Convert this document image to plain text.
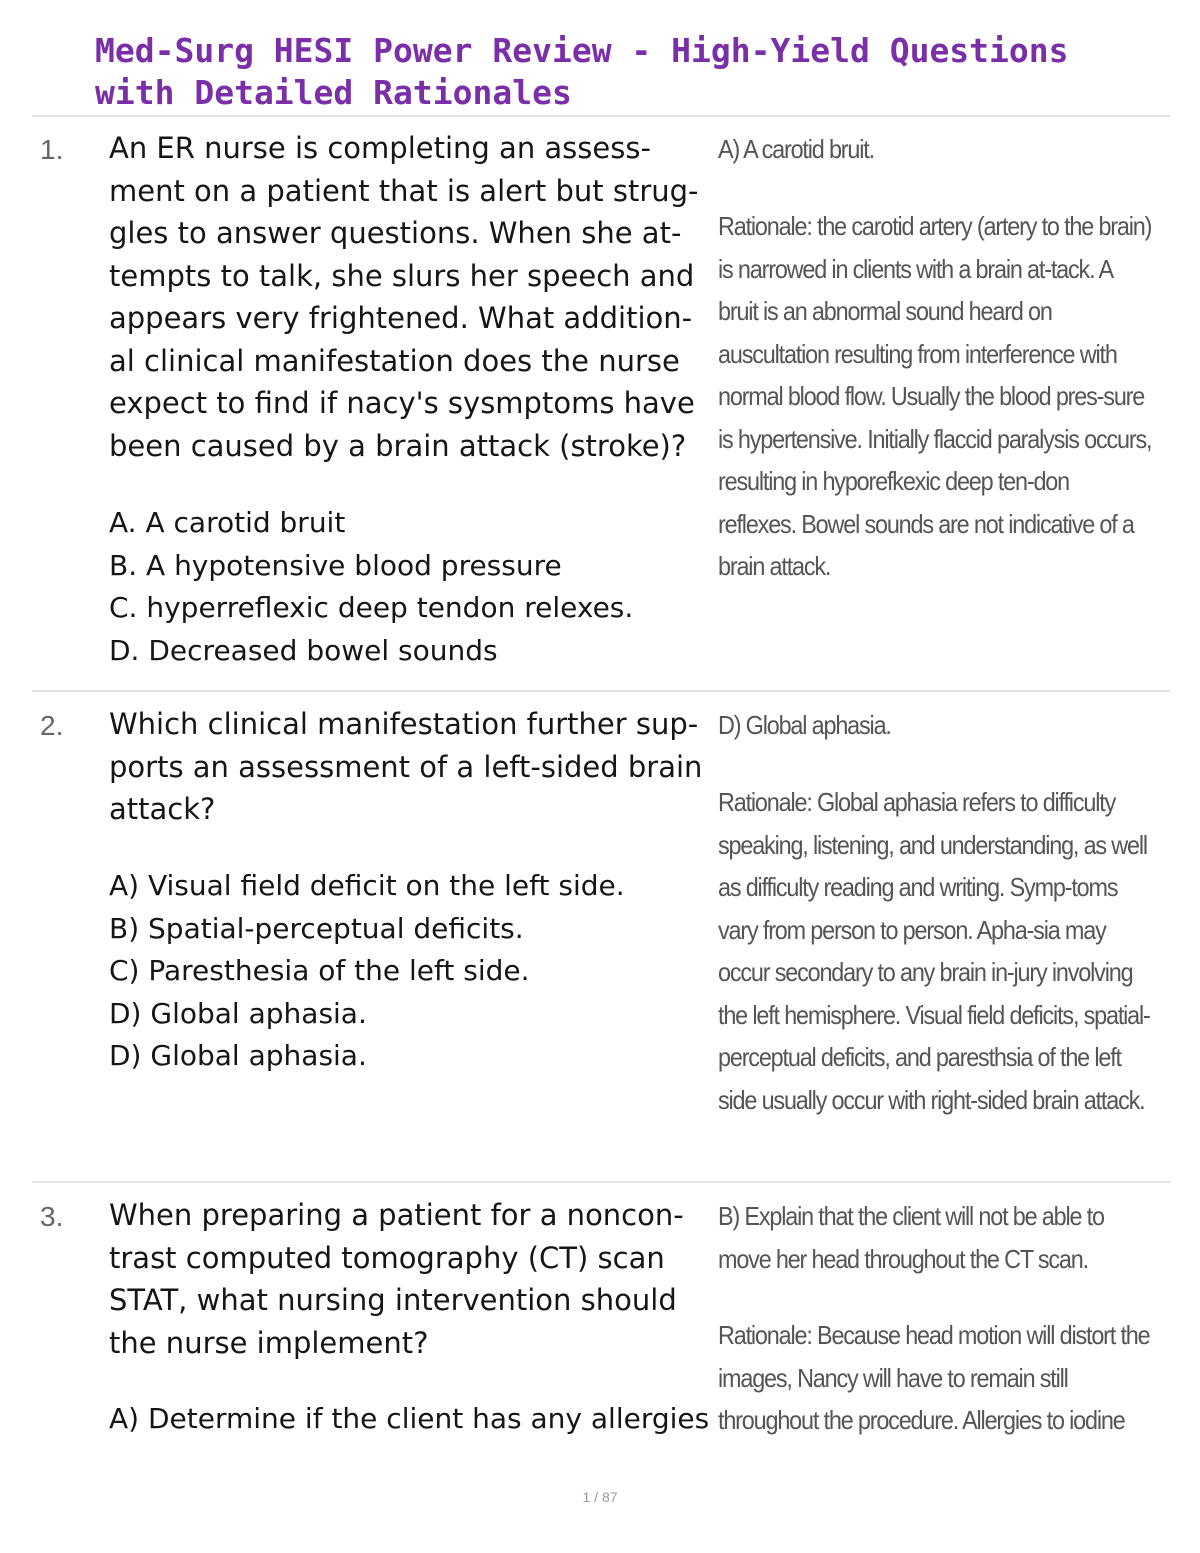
Med-Surg HESI Power Review - High-Yield Questions with Detailed Rationales
1. An ER nurse is completing an assess-ment on a patient that is alert but strug-gles to answer questions. When she at-tempts to talk, she slurs her speech and appears very frightened. What addition-al clinical manifestation does the nurse expect to find if nacy's sysmptoms have been caused by a brain attack (stroke)?

A. A carotid bruit
B. A hypotensive blood pressure
C. hyperreflexic deep tendon relexes.
D. Decreased bowel sounds

A) A carotid bruit.

Rationale: the carotid artery (artery to the brain) is narrowed in clients with a brain at-tack. A bruit is an abnormal sound heard on auscultation resulting from interference with normal blood flow. Usually the blood pres-sure is hypertensive. Initially flaccid paralysis occurs, resulting in hyporefkexic deep ten-don reflexes. Bowel sounds are not indicative of a brain attack.

2. Which clinical manifestation further sup-ports an assessment of a left-sided brain attack?

A) Visual field deficit on the left side.
B) Spatial-perceptual deficits.
C) Paresthesia of the left side.
D) Global aphasia.
D) Global aphasia.

D) Global aphasia.

Rationale: Global aphasia refers to difficulty speaking, listening, and understanding, as well as difficulty reading and writing. Symp-toms vary from person to person. Apha-sia may occur secondary to any brain in-jury involving the left hemisphere. Visual field deficits, spatial-perceptual deficits, and paresthsia of the left side usually occur with right-sided brain attack.

3. When preparing a patient for a noncon-trast computed tomography (CT) scan STAT, what nursing intervention should the nurse implement?

A) Determine if the client has any allergies

B) Explain that the client will not be able to move her head throughout the CT scan.

Rationale: Because head motion will distort the images, Nancy will have to remain still throughout the procedure. Allergies to iodine

1 / 87
